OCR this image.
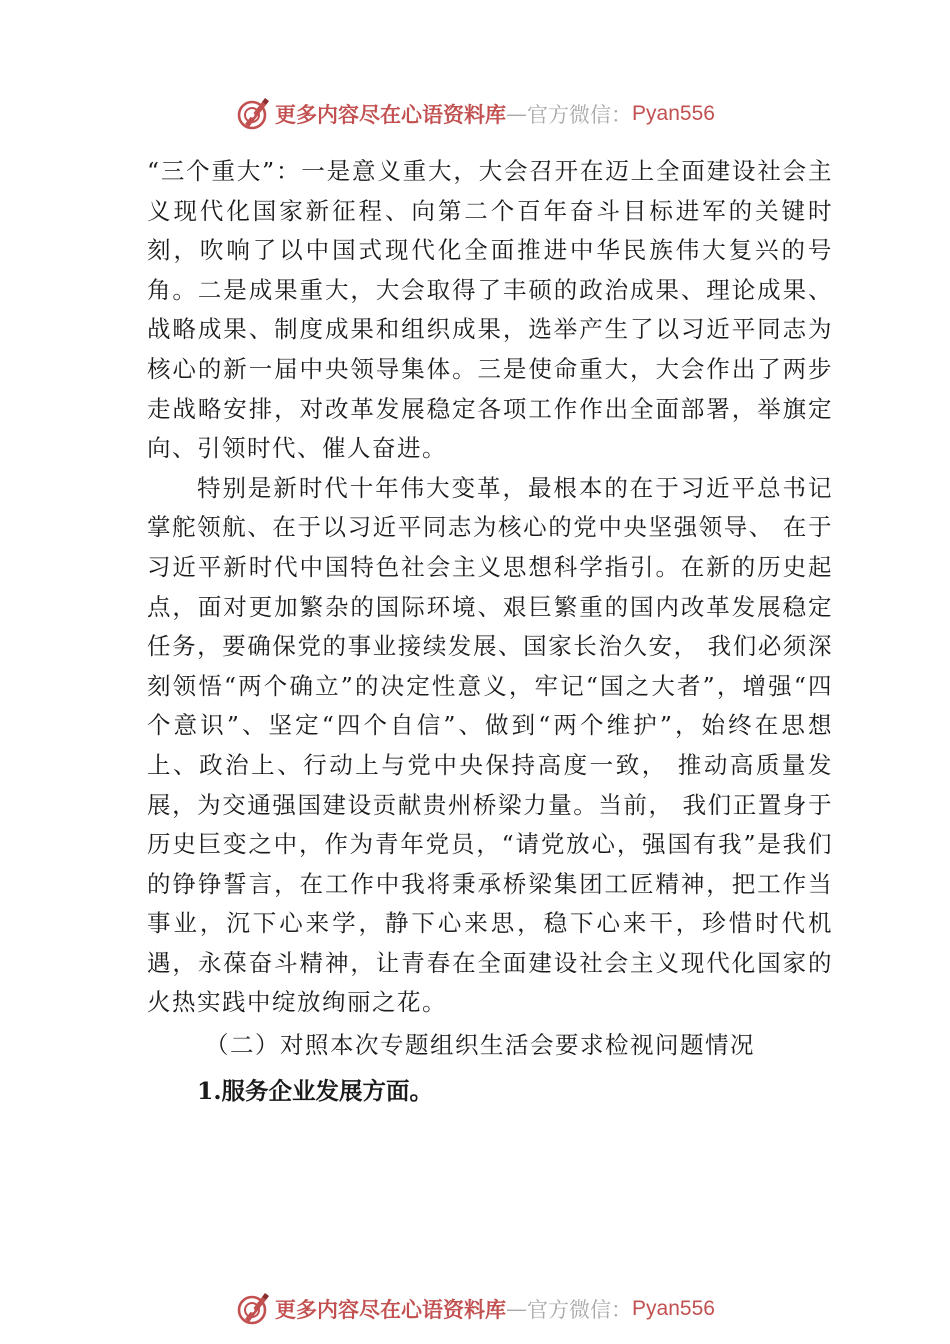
更多内容尽在心语资料库 — 官方微信： Pyan556

“三个重大”：一是意义重大，大会召开在迈上全面建设社会主义现代化国家新征程、向第二个百年奋斗目标进军的关键时刻，吹响了以中国式现代化全面推进中华民族伟大复兴的号角。二是成果重大，大会取得了丰硕的政治成果、理论成果、战略成果、制度成果和组织成果，选举产生了以习近平同志为核心的新一届中央领导集体。三是使命重大，大会作出了两步走战略安排，对改革发展稳定各项工作作出全面部署，举旗定向、引领时代、催人奋进。

特别是新时代十年伟大变革，最根本的在于习近平总书记掌舵领航、在于以习近平同志为核心的党中央坚强领导、 在于习近平新时代中国特色社会主义思想科学指引。在新的历史起点，面对更加繁杂的国际环境、艰巨繁重的国内改革发展稳定任务，要确保党的事业接续发展、国家长治久安， 我们必须深刻领悟“两个确立”的决定性意义，牢记“国之大者”，增强“四个意识”、坚定“四个自信”、做到“两个维护”，始终在思想上、政治上、行动上与党中央保持高度一致， 推动高质量发展，为交通强国建设贡献贵州桥梁力量。当前， 我们正置身于历史巨变之中，作为青年党员，“请党放心，强国有我”是我们的铮铮誓言，在工作中我将秉承桥梁集团工匠精神，把工作当事业，沉下心来学，静下心来思，稳下心来干，珍惜时代机遇，永葆奋斗精神，让青春在全面建设社会主义现代化国家的火热实践中绽放绚丽之花。

（二）对照本次专题组织生活会要求检视问题情况

1.服务企业发展方面。

更多内容尽在心语资料库 — 官方微信： Pyan556
